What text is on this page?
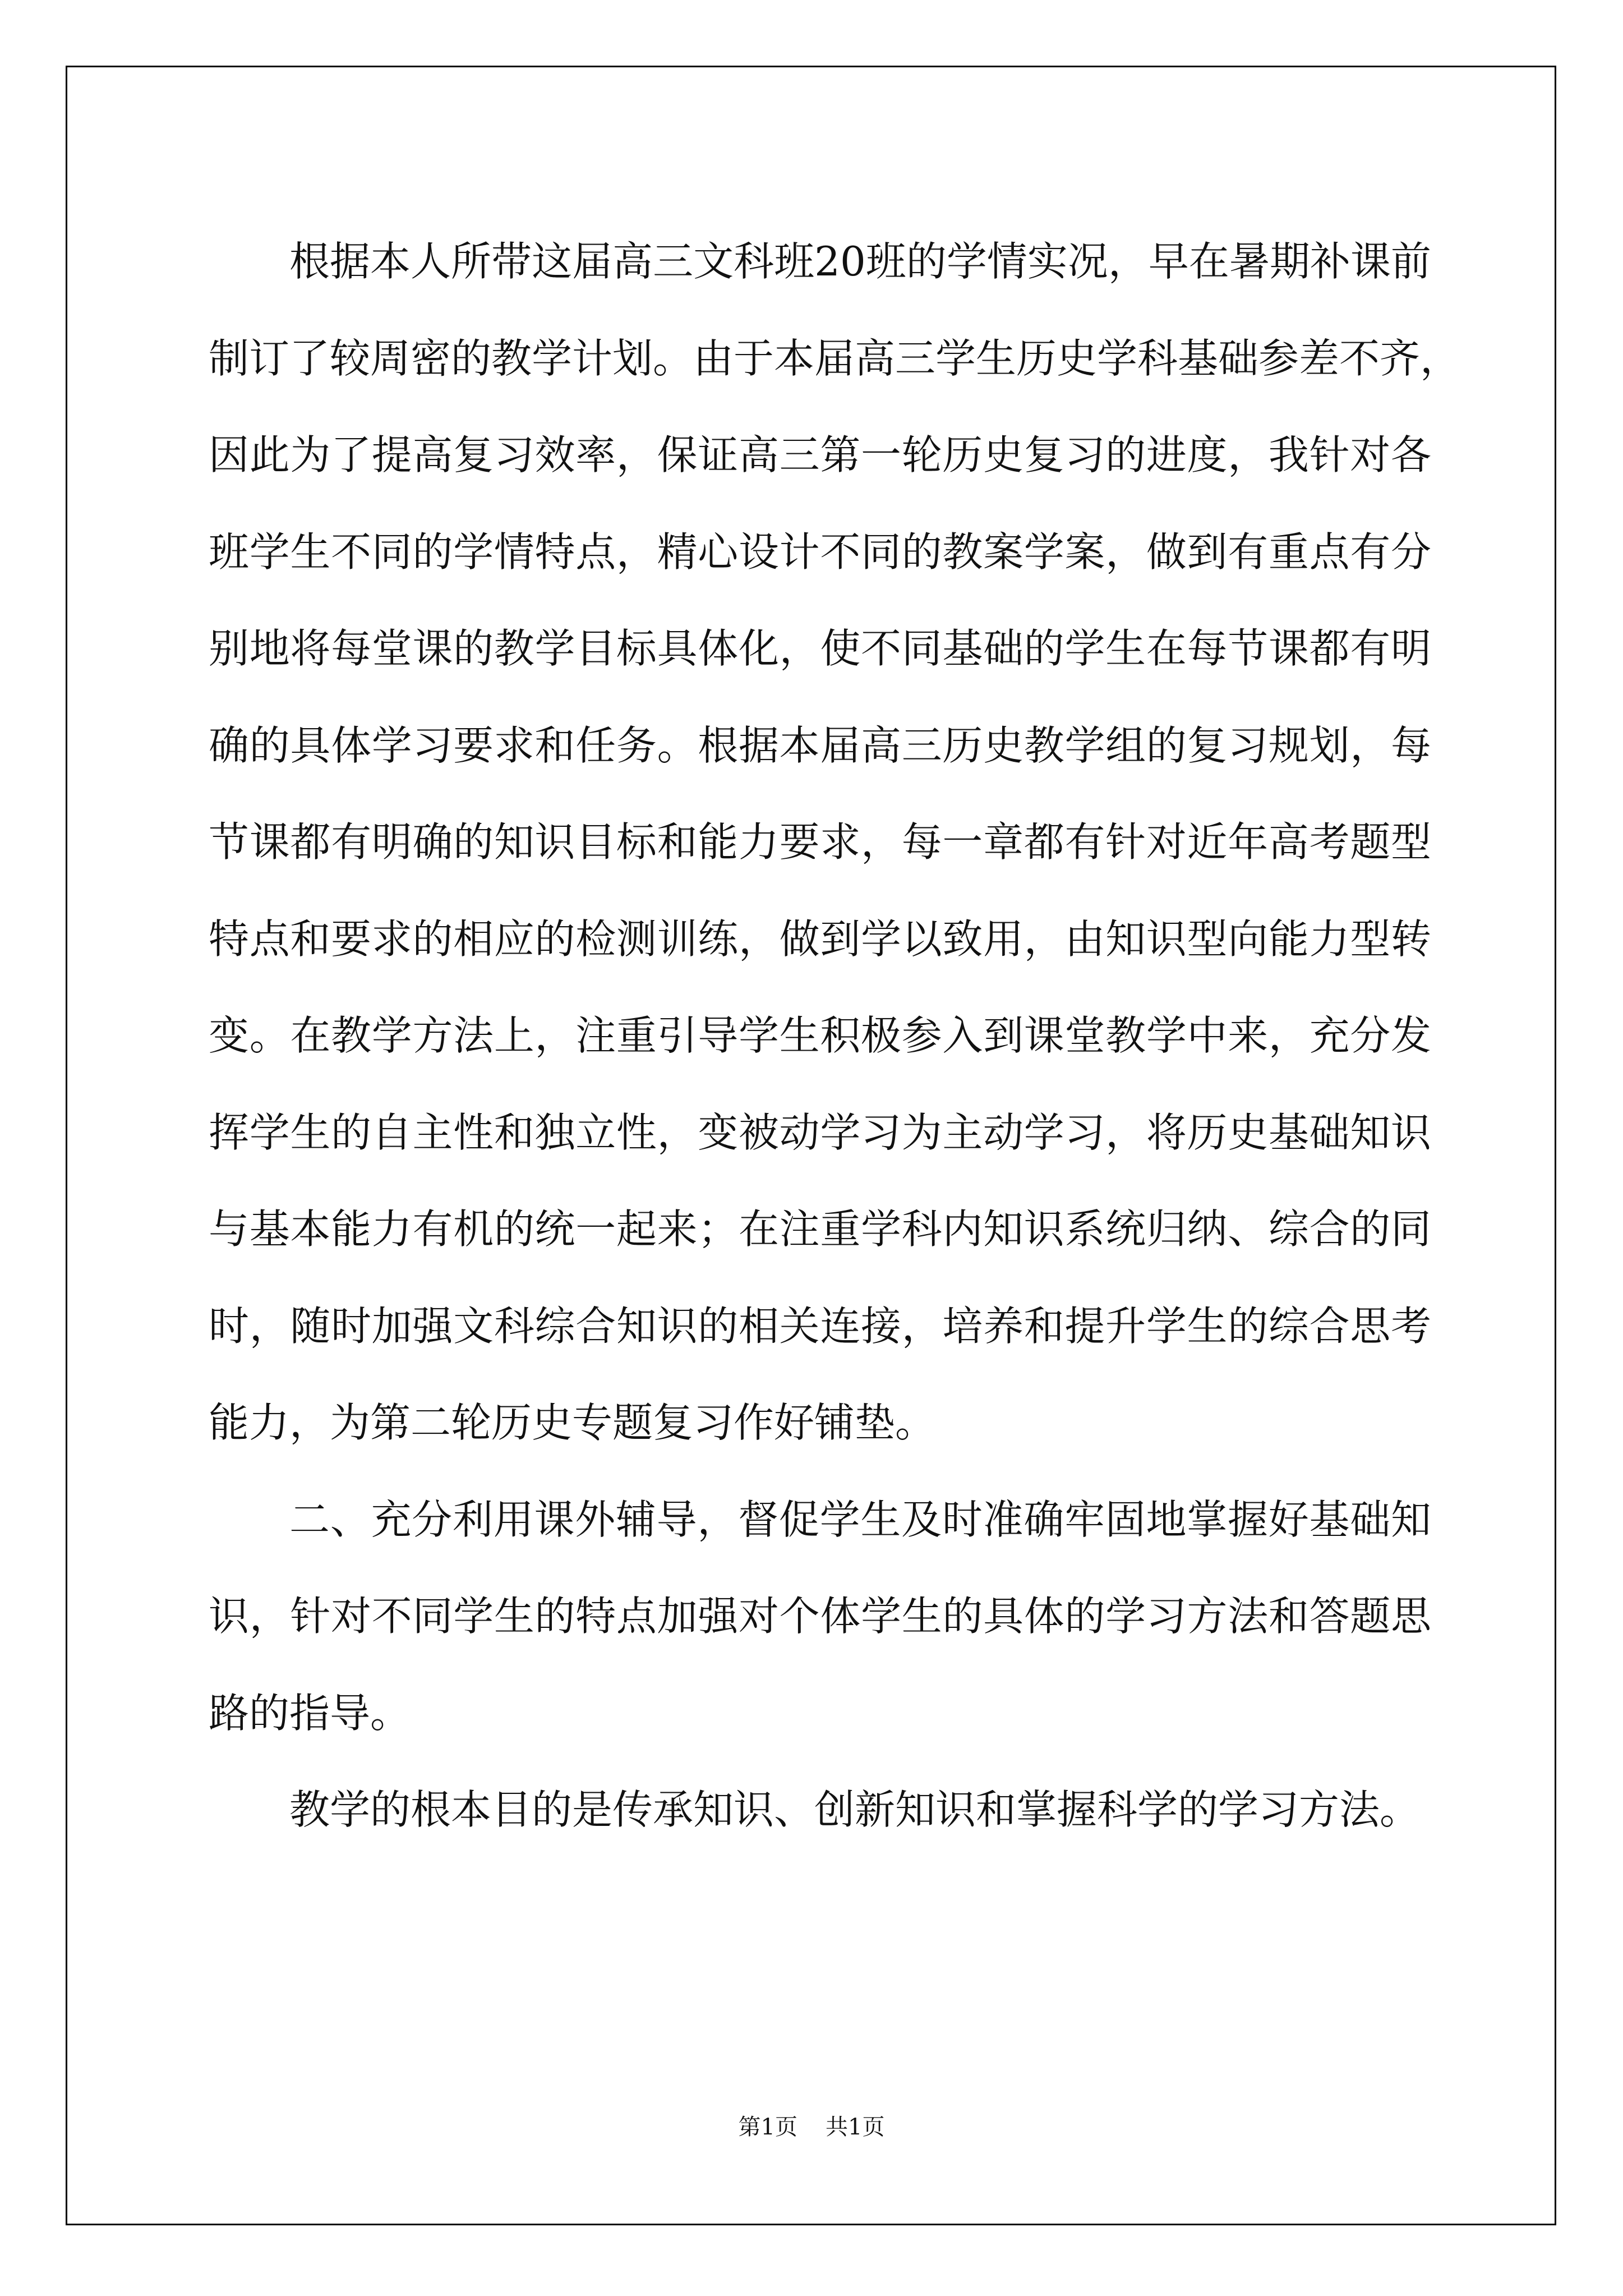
根据本人所带这届高三文科班20班的学情实况，早在暑期补课前
制订了较周密的教学计划。由于本届高三学生历史学科基础参差不齐，
因此为了提高复习效率，保证高三第一轮历史复习的进度，我针对各
班学生不同的学情特点，精心设计不同的教案学案，做到有重点有分
别地将每堂课的教学目标具体化，使不同基础的学生在每节课都有明
确的具体学习要求和任务。根据本届高三历史教学组的复习规划，每
节课都有明确的知识目标和能力要求，每一章都有针对近年高考题型
特点和要求的相应的检测训练，做到学以致用，由知识型向能力型转
变。在教学方法上，注重引导学生积极参入到课堂教学中来，充分发
挥学生的自主性和独立性，变被动学习为主动学习，将历史基础知识
与基本能力有机的统一起来；在注重学科内知识系统归纳、综合的同
时，随时加强文科综合知识的相关连接，培养和提升学生的综合思考
能力，为第二轮历史专题复习作好铺垫。
二、充分利用课外辅导，督促学生及时准确牢固地掌握好基础知
识，针对不同学生的特点加强对个体学生的具体的学习方法和答题思
路的指导。
教学的根本目的是传承知识、创新知识和掌握科学的学习方法。
第1页 共1页
